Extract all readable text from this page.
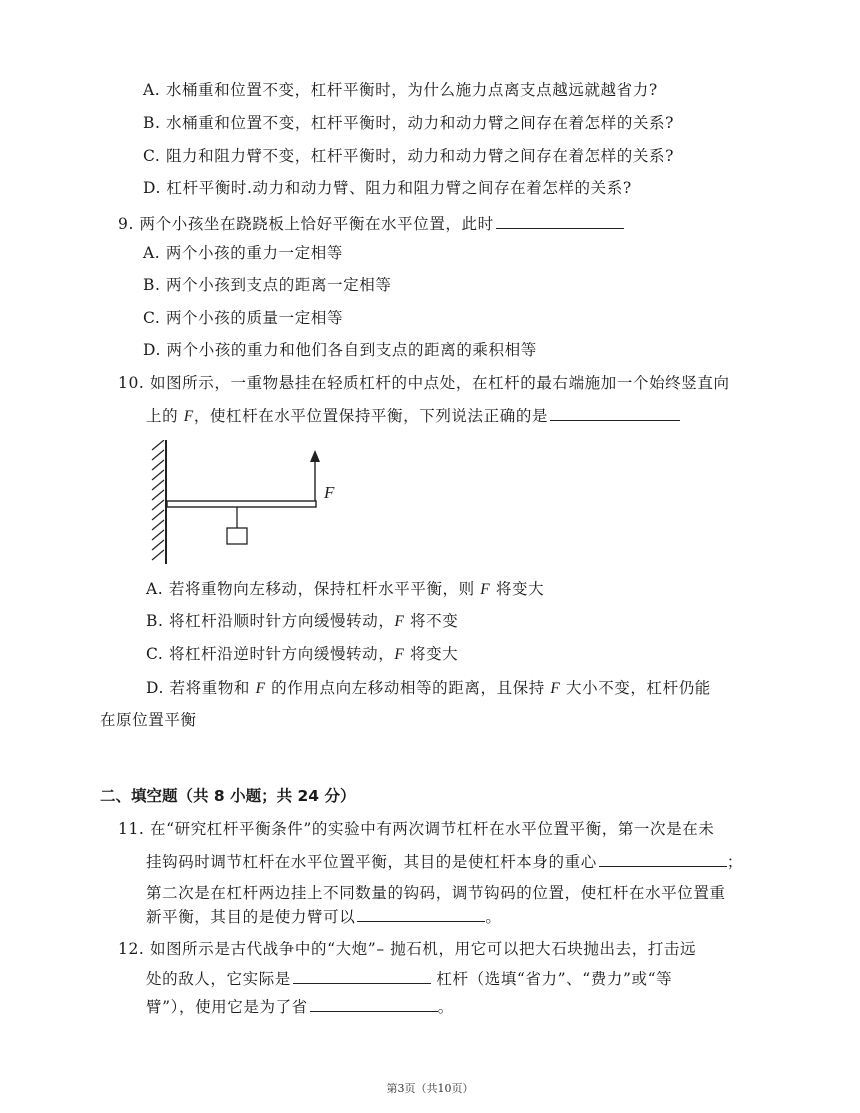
A. 水桶重和位置不变，杠杆平衡时，为什么施力点离支点越远就越省力?
B. 水桶重和位置不变，杠杆平衡时，动力和动力臂之间存在着怎样的关系?
C. 阻力和阻力臂不变，杠杆平衡时，动力和动力臂之间存在着怎样的关系?
D. 杠杆平衡时.动力和动力臂、阻力和阻力臂之间存在着怎样的关系?
9. 两个小孩坐在跷跷板上恰好平衡在水平位置，此时
A. 两个小孩的重力一定相等
B. 两个小孩到支点的距离一定相等
C. 两个小孩的质量一定相等
D. 两个小孩的重力和他们各自到支点的距离的乘积相等
10. 如图所示，一重物悬挂在轻质杠杆的中点处，在杠杆的最右端施加一个始终竖直向
上的 F，使杠杆在水平位置保持平衡，下列说法正确的是
F
A. 若将重物向左移动，保持杠杆水平平衡，则 F 将变大
B. 将杠杆沿顺时针方向缓慢转动，F 将不变
C. 将杠杆沿逆时针方向缓慢转动，F 将变大
D. 若将重物和 F 的作用点向左移动相等的距离，且保持 F 大小不变，杠杆仍能
在原位置平衡
二、填空题（共 8 小题；共 24 分）
11. 在“研究杠杆平衡条件”的实验中有两次调节杠杆在水平位置平衡，第一次是在未
挂钩码时调节杠杆在水平位置平衡，其目的是使杠杆本身的重心	；
第二次是在杠杆两边挂上不同数量的钩码，调节钩码的位置，使杠杆在水平位置重
新平衡，其目的是使力臂可以	。
12. 如图所示是古代战争中的“大炮”– 抛石机，用它可以把大石块抛出去，打击远
处的敌人，它实际是	杠杆（选填“省力”、“费力”或“等
臂”），使用它是为了省	。
第3页（共10页）
